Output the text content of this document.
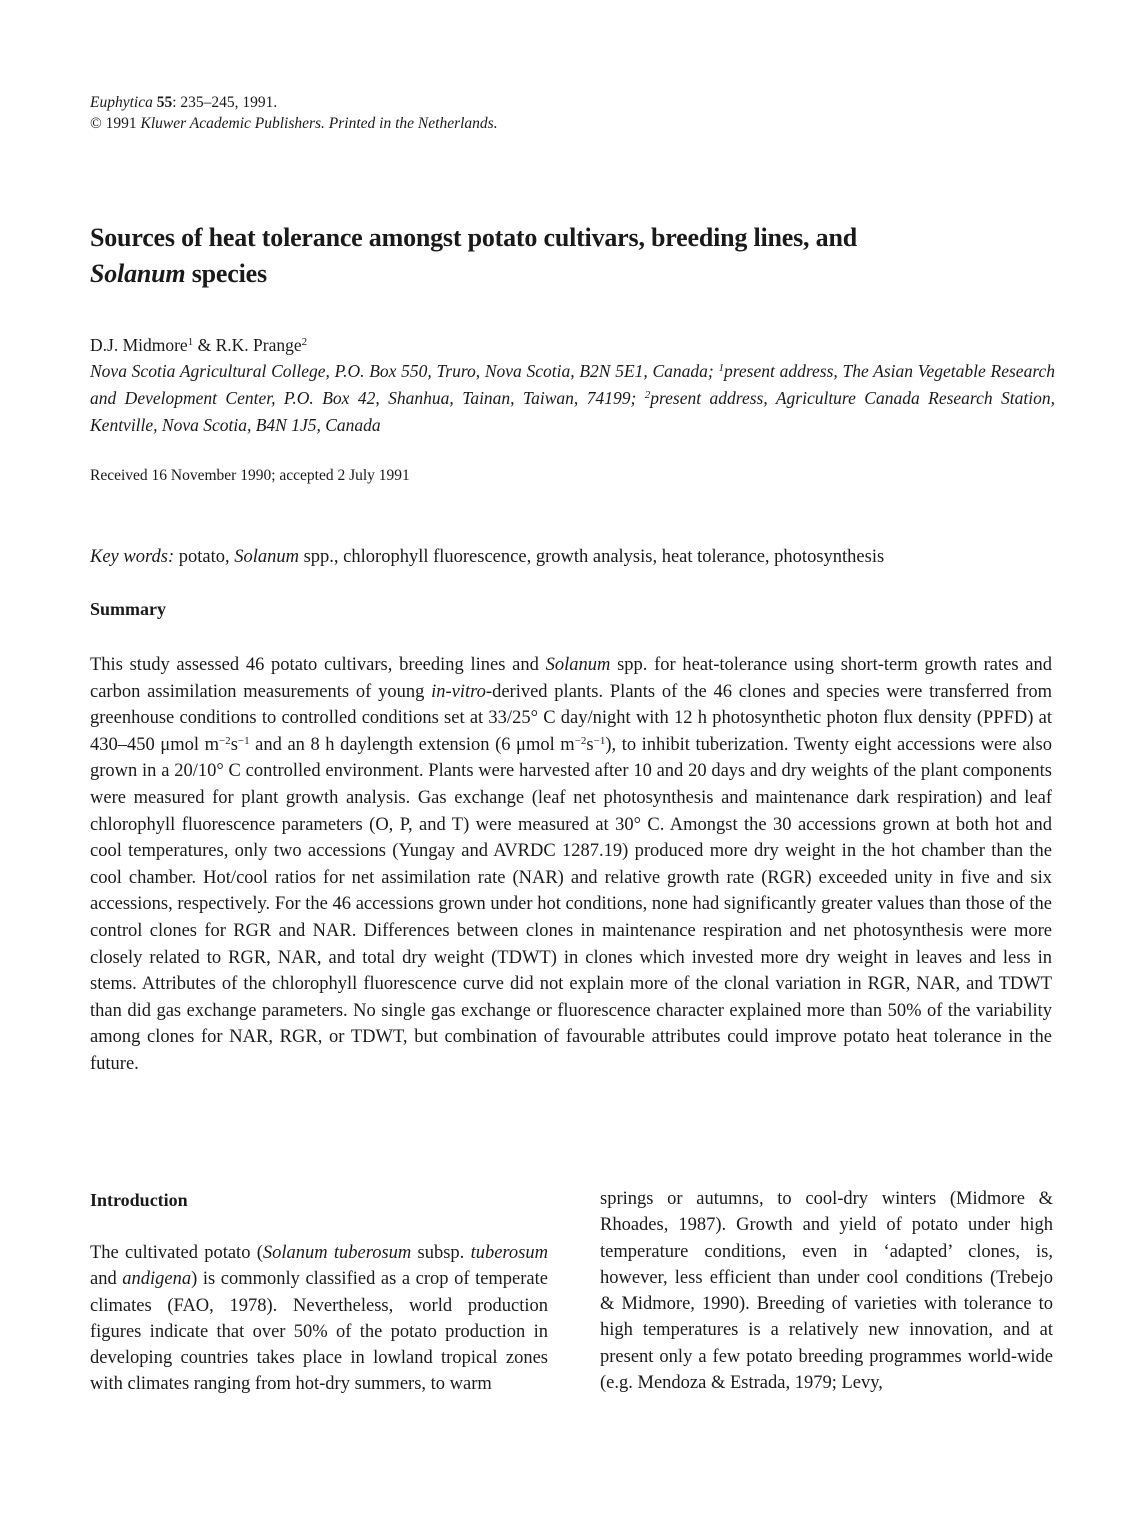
Euphytica 55: 235–245, 1991.
© 1991 Kluwer Academic Publishers. Printed in the Netherlands.
Sources of heat tolerance amongst potato cultivars, breeding lines, and
Solanum species
D.J. Midmore$^1$ & R.K. Prange$^2$
Nova Scotia Agricultural College, P.O. Box 550, Truro, Nova Scotia, B2N 5E1, Canada; $^1$present address, The Asian Vegetable Research and Development Center, P.O. Box 42, Shanhua, Tainan, Taiwan, 74199; $^2$present address, Agriculture Canada Research Station, Kentville, Nova Scotia, B4N 1J5, Canada
Received 16 November 1990; accepted 2 July 1991
Key words: potato, Solanum spp., chlorophyll fluorescence, growth analysis, heat tolerance, photosynthesis
Summary
This study assessed 46 potato cultivars, breeding lines and Solanum spp. for heat-tolerance using short-term growth rates and carbon assimilation measurements of young in-vitro-derived plants. Plants of the 46 clones and species were transferred from greenhouse conditions to controlled conditions set at 33/25° C day/night with 12 h photosynthetic photon flux density (PPFD) at 430–450 μmol $m^{-2}s^{-1}$ and an 8 h daylength extension (6 μmol $m^{-2}s^{-1}$), to inhibit tuberization. Twenty eight accessions were also grown in a 20/10° C controlled environment. Plants were harvested after 10 and 20 days and dry weights of the plant components were measured for plant growth analysis. Gas exchange (leaf net photosynthesis and maintenance dark respiration) and leaf chlorophyll fluorescence parameters (O, P, and T) were measured at 30° C. Amongst the 30 accessions grown at both hot and cool temperatures, only two accessions (Yungay and AVRDC 1287.19) produced more dry weight in the hot chamber than the cool chamber. Hot/cool ratios for net assimilation rate (NAR) and relative growth rate (RGR) exceeded unity in five and six accessions, respectively. For the 46 accessions grown under hot conditions, none had significantly greater values than those of the control clones for RGR and NAR. Differences between clones in maintenance respiration and net photosynthesis were more closely related to RGR, NAR, and total dry weight (TDWT) in clones which invested more dry weight in leaves and less in stems. Attributes of the chlorophyll fluorescence curve did not explain more of the clonal variation in RGR, NAR, and TDWT than did gas exchange parameters. No single gas exchange or fluorescence character explained more than 50% of the variability among clones for NAR, RGR, or TDWT, but combination of favourable attributes could improve potato heat tolerance in the future.
Introduction
The cultivated potato (Solanum tuberosum subsp. tuberosum and andigena) is commonly classified as a crop of temperate climates (FAO, 1978). Nevertheless, world production figures indicate that over 50% of the potato production in developing countries takes place in lowland tropical zones with climates ranging from hot-dry summers, to warm
springs or autumns, to cool-dry winters (Midmore & Rhoades, 1987). Growth and yield of potato under high temperature conditions, even in ‘adapted’ clones, is, however, less efficient than under cool conditions (Trebejo & Midmore, 1990). Breeding of varieties with tolerance to high temperatures is a relatively new innovation, and at present only a few potato breeding programmes world-wide (e.g. Mendoza & Estrada, 1979; Levy,
